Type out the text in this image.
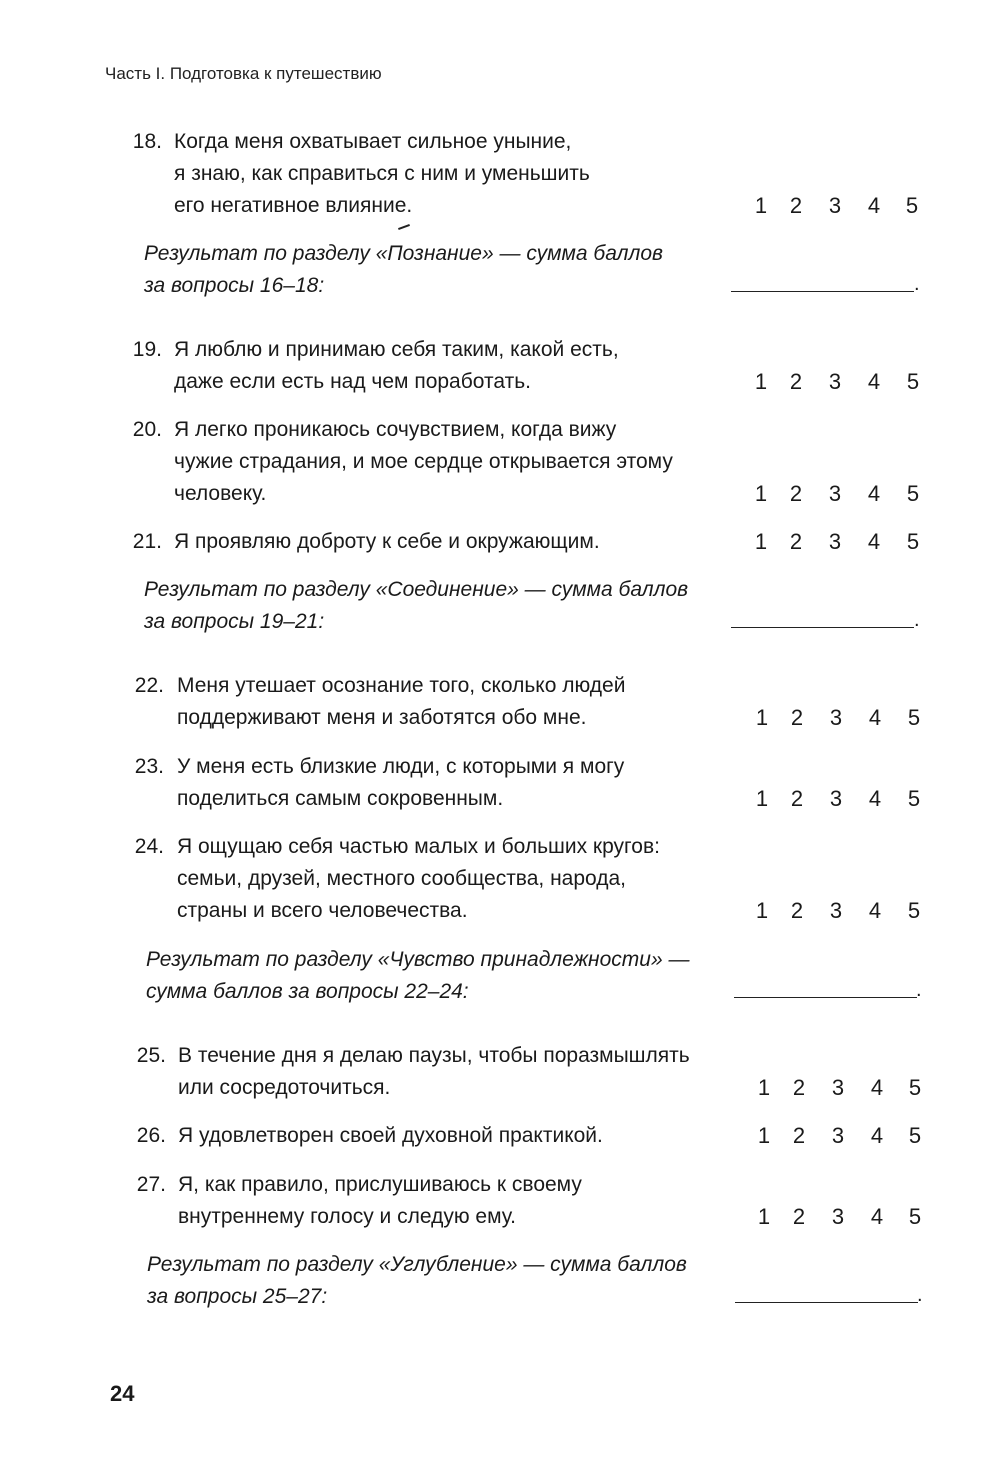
Часть I. Подготовка к путешествию
18. Когда меня охватывает сильное уныние,
я знаю, как справиться с ним и уменьшить
его негативное влияние.	1 2 3 4 5
Результат по разделу «Познание» — сумма баллов
за вопросы 16–18:	.
19. Я люблю и принимаю себя таким, какой есть,
даже если есть над чем поработать.	1 2 3 4 5
20. Я легко проникаюсь сочувствием, когда вижу
чужие страдания, и мое сердце открывается этому
человеку.	1 2 3 4 5
21. Я проявляю доброту к себе и окружающим.	1 2 3 4 5
Результат по разделу «Соединение» — сумма баллов
за вопросы 19–21:	.
22. Меня утешает осознание того, сколько людей
поддерживают меня и заботятся обо мне.	1 2 3 4 5
23. У меня есть близкие люди, с которыми я могу
поделиться самым сокровенным.	1 2 3 4 5
24. Я ощущаю себя частью малых и больших кругов:
семьи, друзей, местного сообщества, народа,
страны и всего человечества.	1 2 3 4 5
Результат по разделу «Чувство принадлежности» —
сумма баллов за вопросы 22–24:	.
25. В течение дня я делаю паузы, чтобы поразмышлять
или сосредоточиться.	1 2 3 4 5
26. Я удовлетворен своей духовной практикой.	1 2 3 4 5
27. Я, как правило, прислушиваюсь к своему
внутреннему голосу и следую ему.	1 2 3 4 5
Результат по разделу «Углубление» — сумма баллов
за вопросы 25–27:	.
24
